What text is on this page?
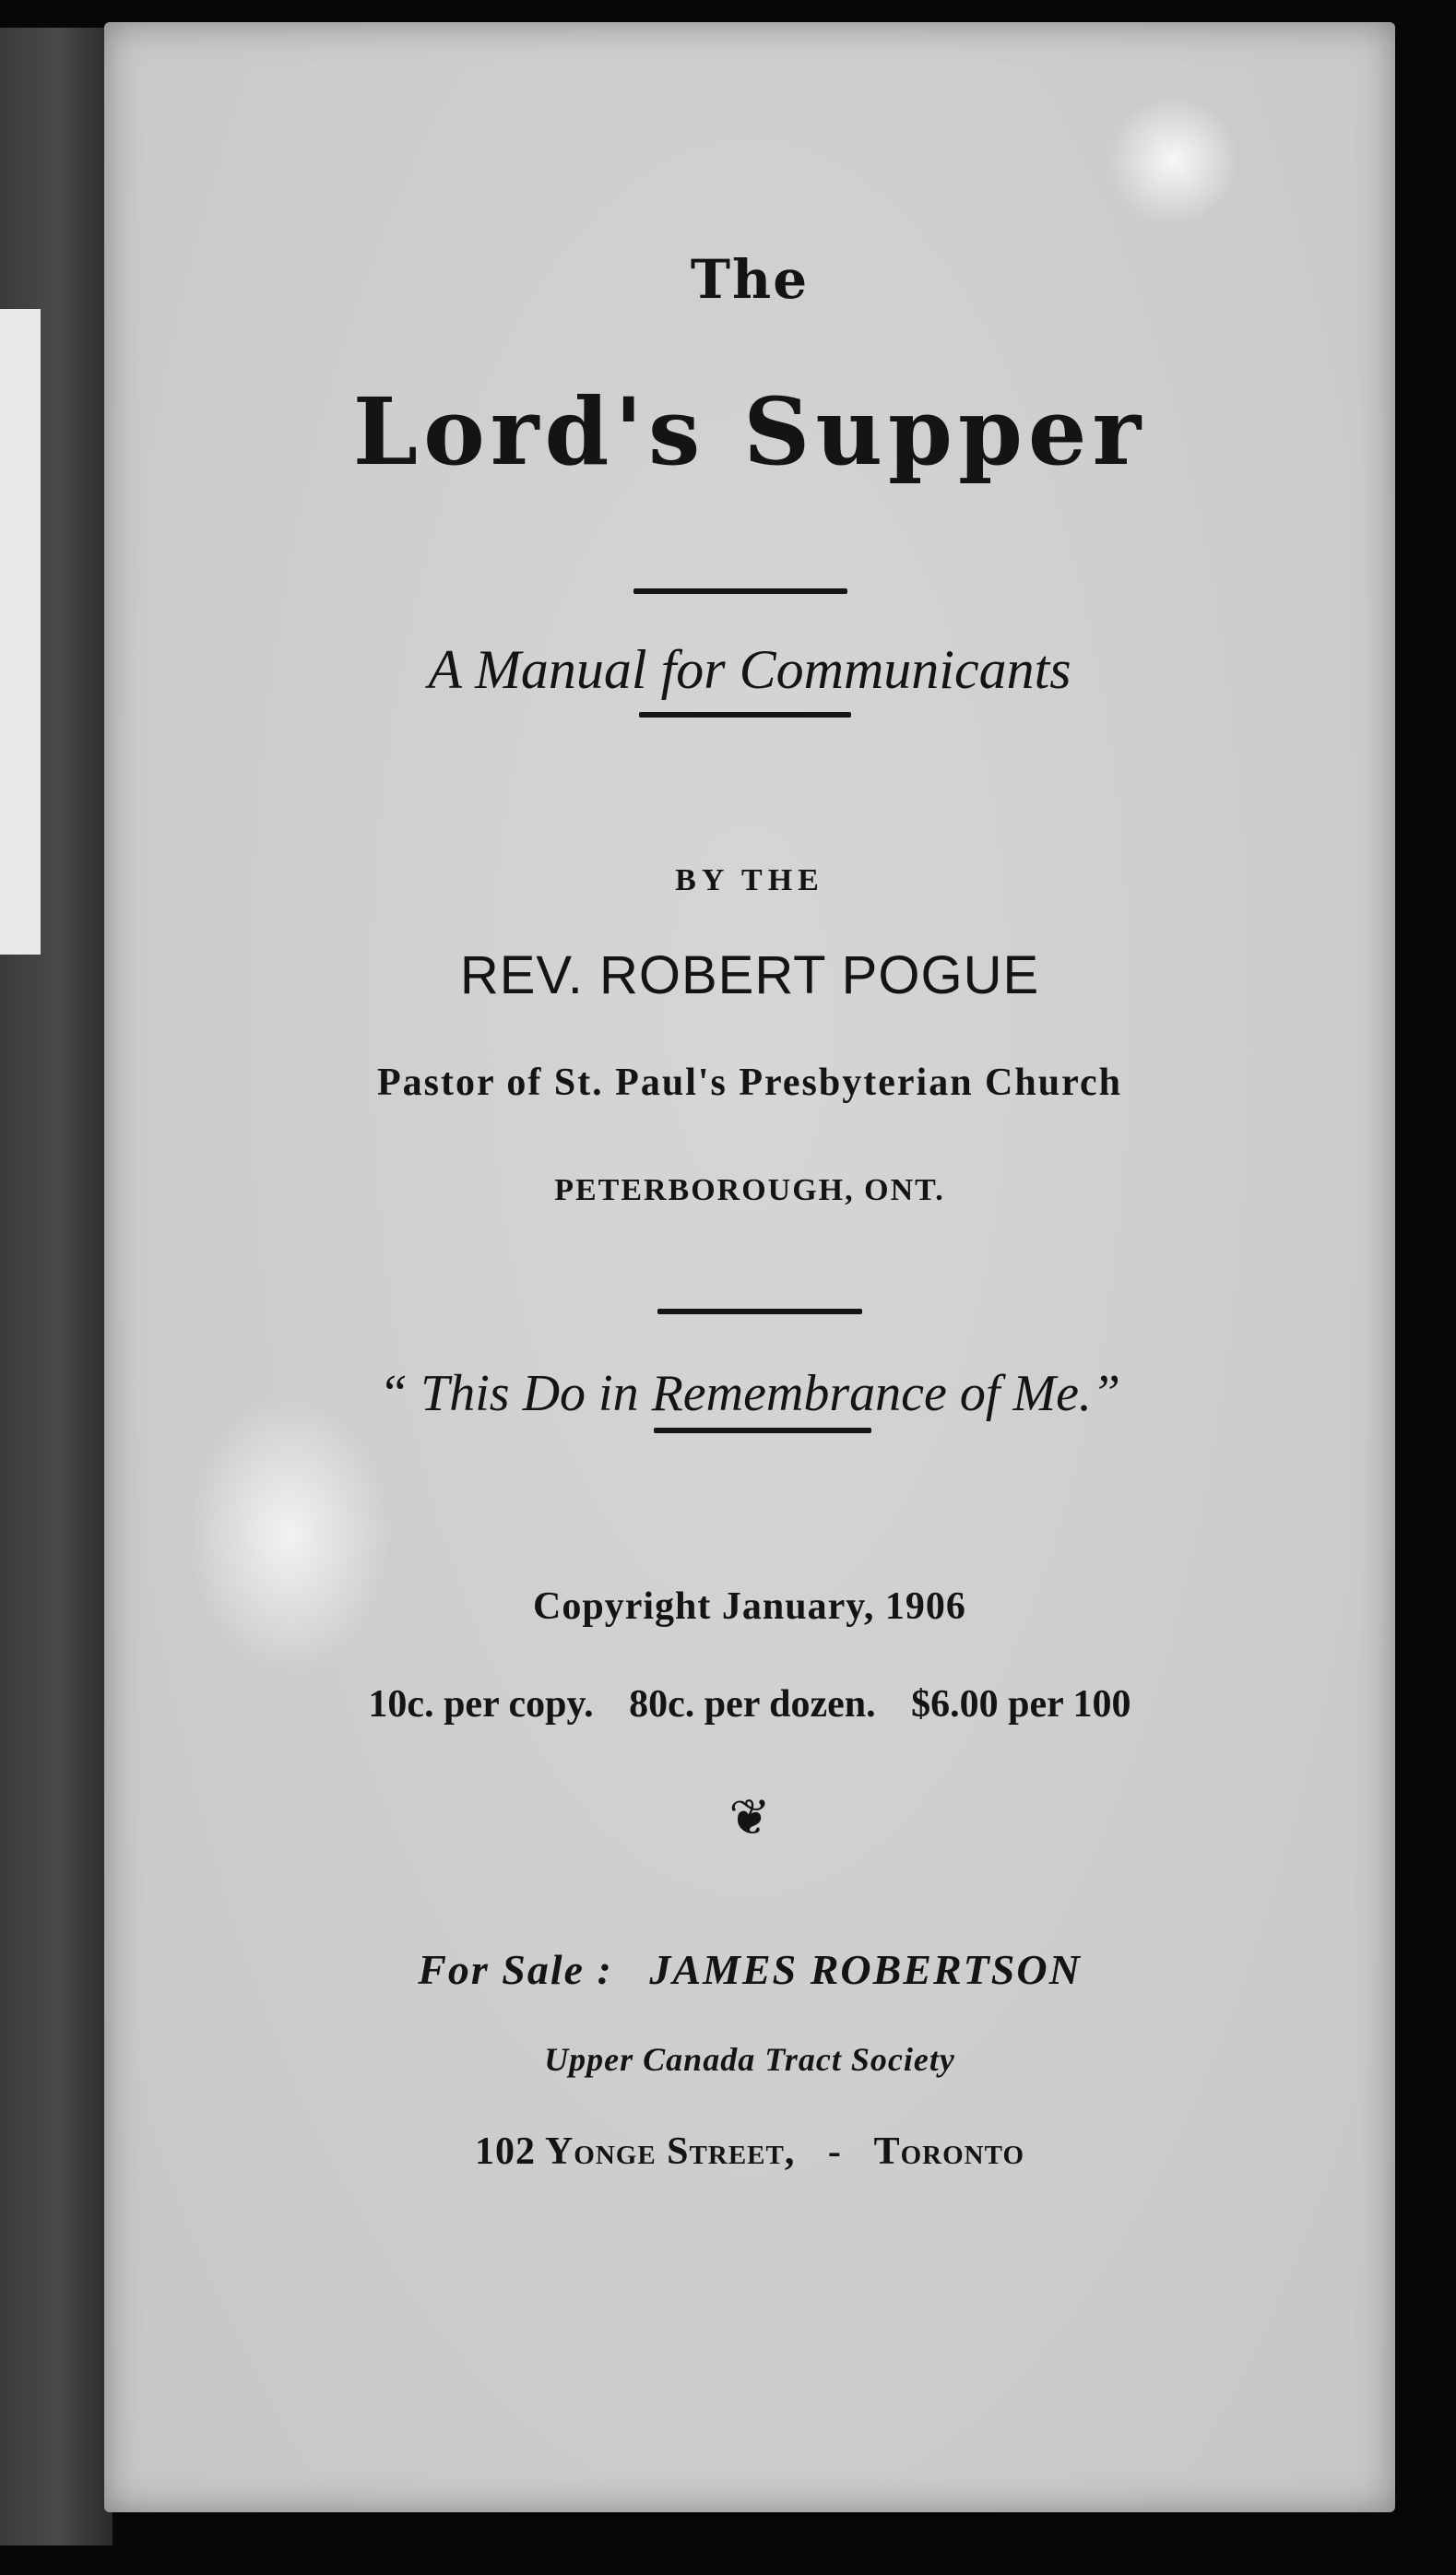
The
Lord's Supper
A Manual for Communicants
BY THE
REV. ROBERT POGUE
Pastor of St. Paul's Presbyterian Church
PETERBOROUGH, ONT.
“ This Do in Remembrance of Me.”
Copyright January, 1906
10c. per copy. 80c. per dozen. $6.00 per 100
❦
For Sale : JAMES ROBERTSON
Upper Canada Tract Society
102 Yonge Street, - Toronto
